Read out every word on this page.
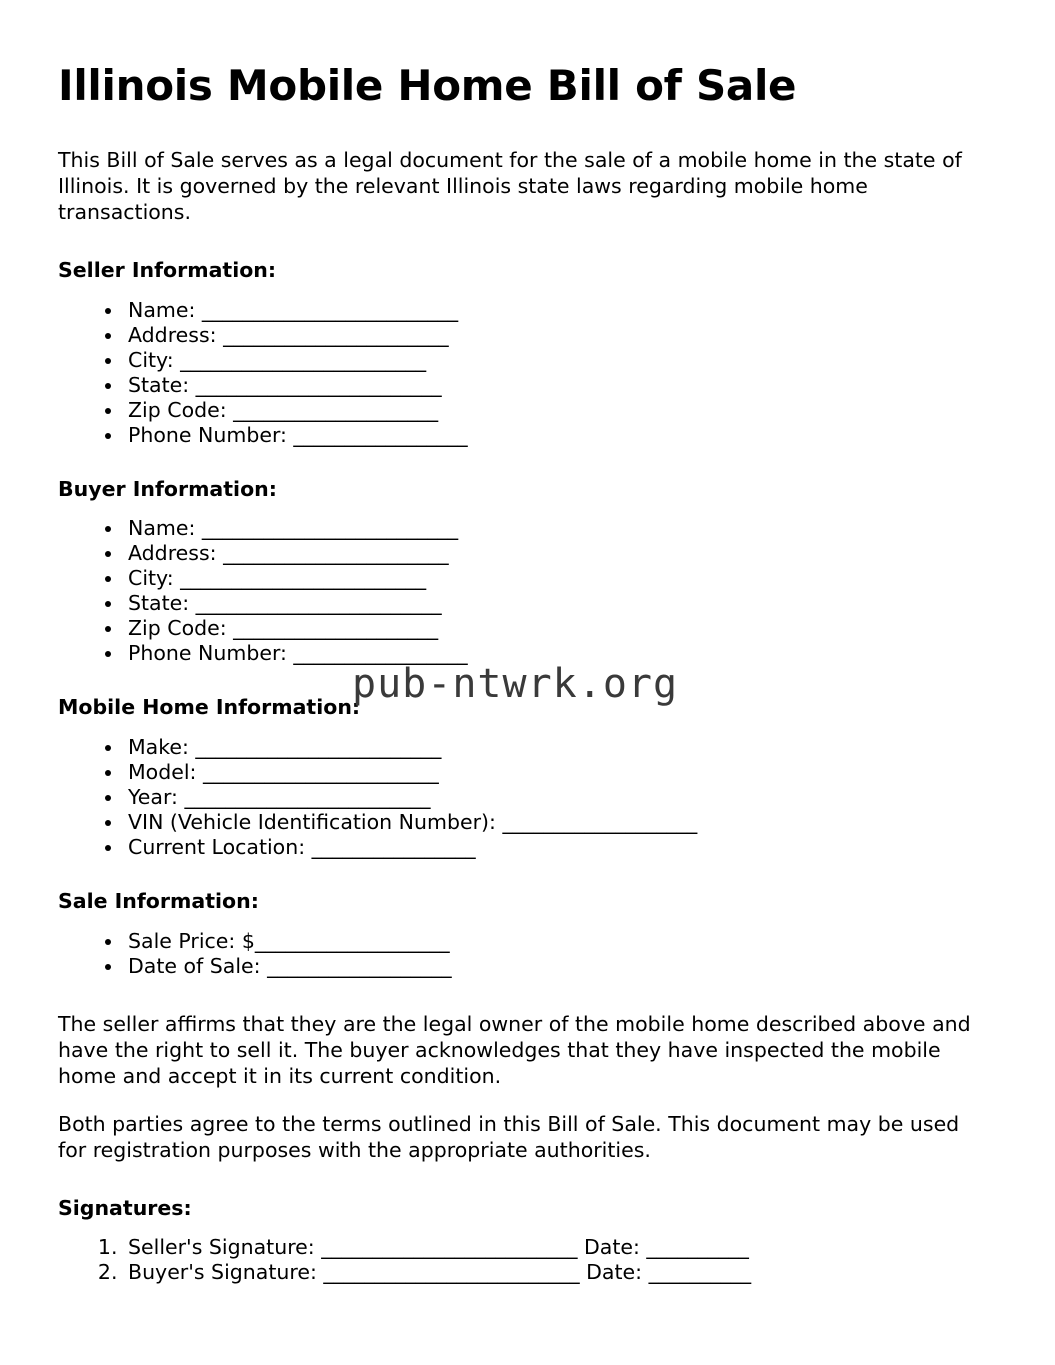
Illinois Mobile Home Bill of Sale

This Bill of Sale serves as a legal document for the sale of a mobile home in the state of Illinois. It is governed by the relevant Illinois state laws regarding mobile home transactions.

Seller Information:
• Name: _________________________
• Address: ______________________
• City: ________________________
• State: ________________________
• Zip Code: ____________________
• Phone Number: _________________
Buyer Information:
• Name: _________________________
• Address: ______________________
• City: ________________________
• State: ________________________
• Zip Code: ____________________
• Phone Number: _________________
Mobile Home Information:
• Make: ________________________
• Model: _______________________
• Year: ________________________
• VIN (Vehicle Identification Number): ___________________
• Current Location: ________________
Sale Information:
• Sale Price: $___________________
• Date of Sale: __________________

The seller affirms that they are the legal owner of the mobile home described above and have the right to sell it. The buyer acknowledges that they have inspected the mobile home and accept it in its current condition.

Both parties agree to the terms outlined in this Bill of Sale. This document may be used for registration purposes with the appropriate authorities.

Signatures:
1. Seller's Signature: _________________________ Date: __________
2. Buyer's Signature: _________________________ Date: __________
pub-ntwrk.org
